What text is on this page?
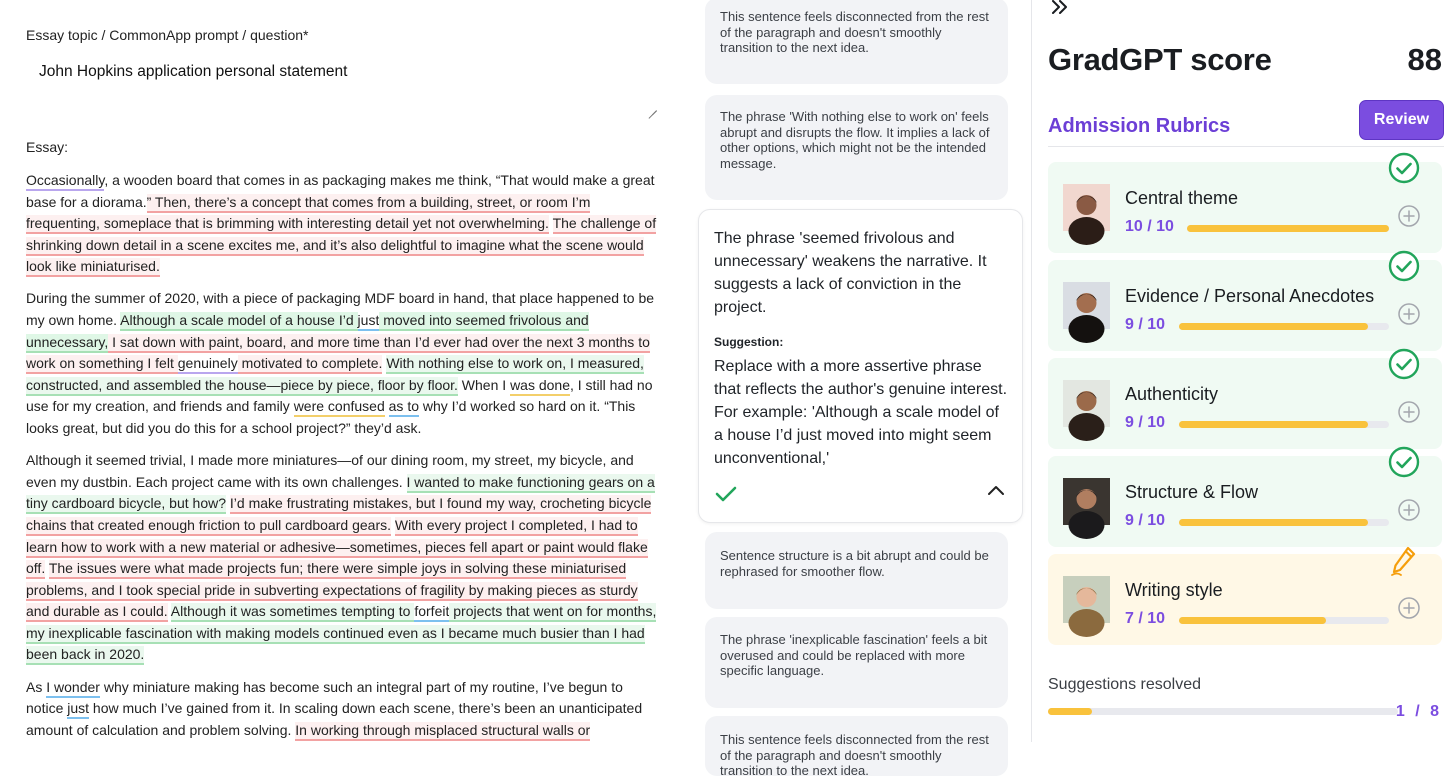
Essay topic / CommonApp prompt / question*
John Hopkins application personal statement
Essay:

Occasionally, a wooden board that comes in as packaging makes me think, “That would make a great base for a diorama.” Then, there’s a concept that comes from a building, street, or room I’m frequenting, someplace that is brimming with interesting detail yet not overwhelming. The challenge of shrinking down detail in a scene excites me, and it’s also delightful to imagine what the scene would look like miniaturised.

During the summer of 2020, with a piece of packaging MDF board in hand, that place happened to be my own home. Although a scale model of a house I’d just moved into seemed frivolous and unnecessary, I sat down with paint, board, and more time than I’d ever had over the next 3 months to work on something I felt genuinely motivated to complete. With nothing else to work on, I measured, constructed, and assembled the house—piece by piece, floor by floor. When I was done, I still had no use for my creation, and friends and family were confused as to why I’d worked so hard on it. “This looks great, but did you do this for a school project?” they’d ask.

Although it seemed trivial, I made more miniatures—of our dining room, my street, my bicycle, and even my dustbin. Each project came with its own challenges. I wanted to make functioning gears on a tiny cardboard bicycle, but how? I’d make frustrating mistakes, but I found my way, crocheting bicycle chains that created enough friction to pull cardboard gears. With every project I completed, I had to learn how to work with a new material or adhesive—sometimes, pieces fell apart or paint would flake off. The issues were what made projects fun; there were simple joys in solving these miniaturised problems, and I took special pride in subverting expectations of fragility by making pieces as sturdy and durable as I could. Although it was sometimes tempting to forfeit projects that went on for months, my inexplicable fascination with making models continued even as I became much busier than I had been back in 2020.

As I wonder why miniature making has become such an integral part of my routine, I’ve begun to notice just how much I’ve gained from it. In scaling down each scene, there’s been an unanticipated amount of calculation and problem solving. In working through misplaced structural walls or

This sentence feels disconnected from the rest of the paragraph and doesn't smoothly transition to the next idea.
The phrase 'With nothing else to work on' feels abrupt and disrupts the flow. It implies a lack of other options, which might not be the intended message.
The phrase 'seemed frivolous and unnecessary' weakens the narrative. It suggests a lack of conviction in the project.
Suggestion:
Replace with a more assertive phrase that reflects the author's genuine interest. For example: 'Although a scale model of a house I’d just moved into might seem unconventional,'
Sentence structure is a bit abrupt and could be rephrased for smoother flow.
The phrase 'inexplicable fascination' feels a bit overused and could be replaced with more specific language.
This sentence feels disconnected from the rest of the paragraph and doesn't smoothly transition to the next idea.
GradGPT score	88
Admission Rubrics	Review
Central theme
10 / 10
Evidence / Personal Anecdotes
9 / 10
Authenticity
9 / 10
Structure & Flow
9 / 10
Writing style
7 / 10
Suggestions resolved
1 / 8
